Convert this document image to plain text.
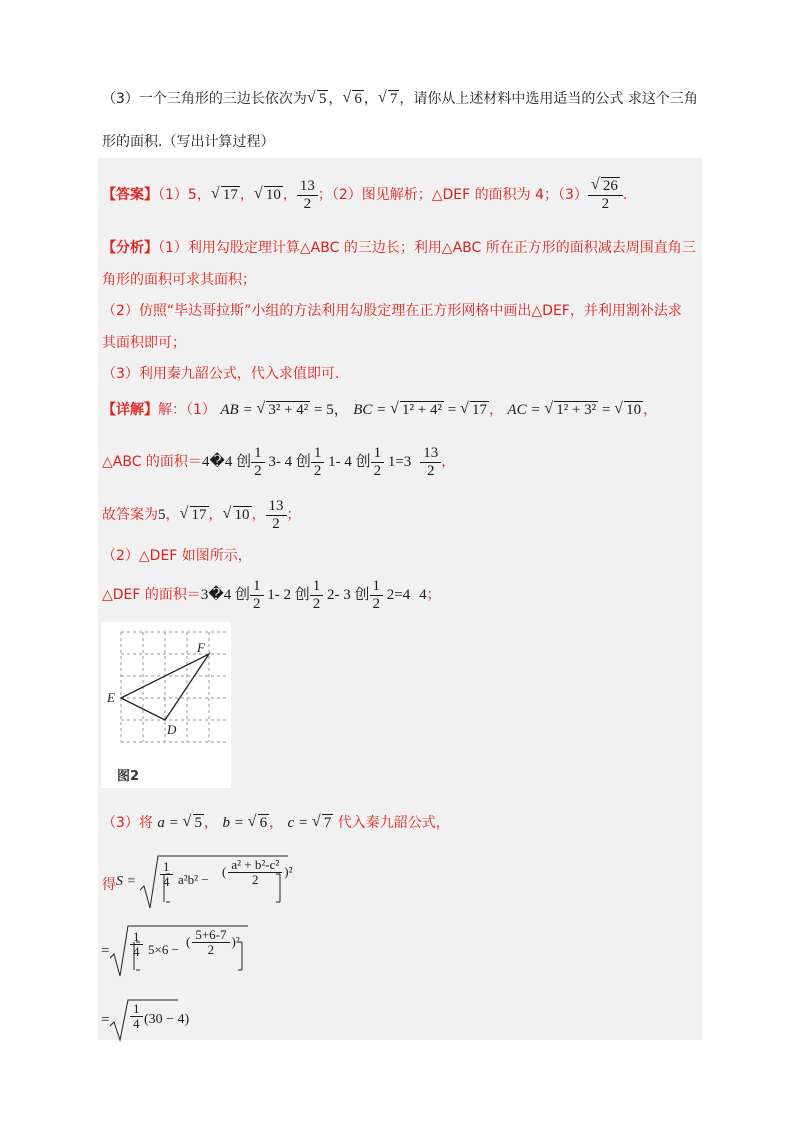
（3）一个三角形的三边长依次为 √ 5 ， √ 6 ， √ 7 ，请你从上述材料中选用适当的公式 求这个三角
形的面积.（写出计算过程）
【答案】（1）5， √ 17 ， √ 10 ， $\frac{13}{2}$ ；（2）图见解析；△DEF 的面积为 4；$(3) \frac{√ 26}{2}$ .
【分析】（1）利用勾股定理计算△ABC 的三边长；利用△ABC 所在正方形的面积减去周围直角三
角形的面积可求其面积；
（2）仿照“毕达哥拉斯”小组的方法利用勾股定理在正方形网格中画出△DEF，并利用割补法求
其面积即可；
（3）利用秦九韶公式，代入求值即可.
【详解】解：（1） AB = √ 3² + 4² = 5， BC = √ 1² + 4² = √ 17 ， AC = √ 1² + 3² = √ 10 ，
△ABC 的面积＝4�4 创 $\frac{1}{2} 3-$ 4 创 $\frac{1}{2} 1-$ 4 创 $\frac{1}{2} 1=3 \frac{13}{2}$ ，
故答案为5， √ 17 ， √ 10 ， $\frac{13}{2}$ ；
（2）△DEF 如图所示，
△DEF 的面积＝3�4 创 $\frac{1}{2} 1-$ 2 创 $\frac{1}{2} 2-$ 3 创 $\frac{1}{2} 2=4$ 4；
E
F
D
图2
（3）将 a = √ 5 ， b = √ 6 ， c = √ 7 代入秦九韶公式，
得 $S = \frac{1}{4} a^2b^2$ −
( $\frac{\text{a² + b²-c²}}{2} )^2$
= $\frac{1}{4} 5\times 6$ −
( $\frac{5+6-7}{2} )^2$
= $\frac{1}{4} (30 - 4)$
